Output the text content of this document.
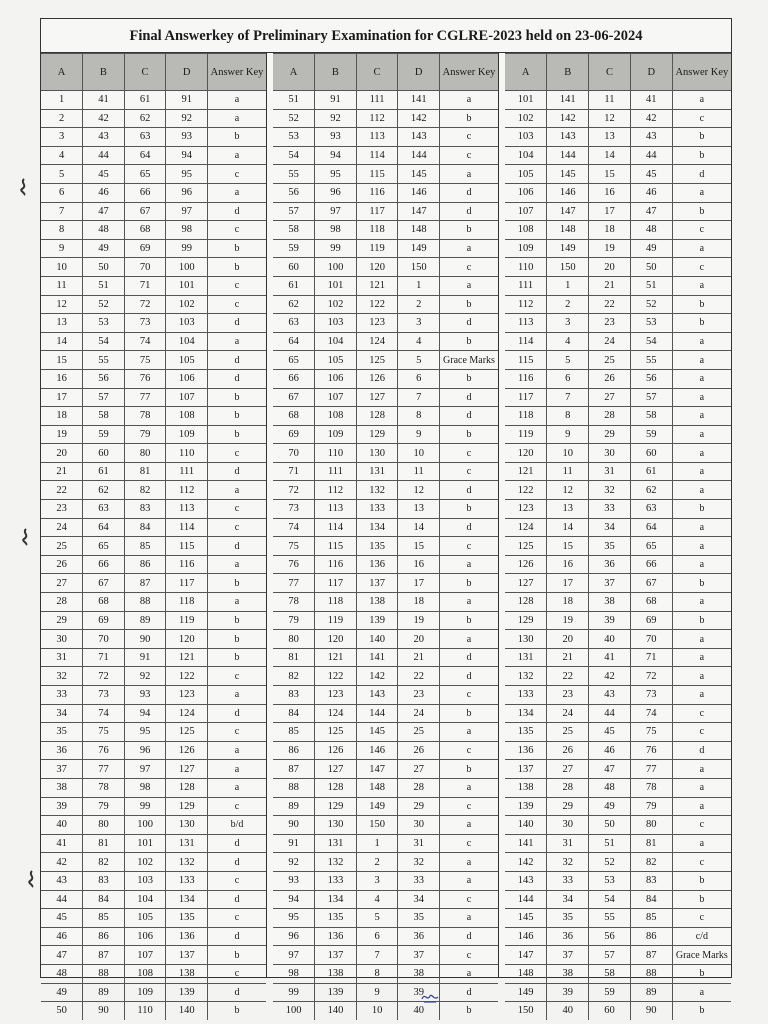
Final Answerkey of Preliminary Examination for CGLRE-2023 held on 23-06-2024
A	B	C	D	Answer Key
1	41	61	91	a
2	42	62	92	a
3	43	63	93	b
4	44	64	94	a
5	45	65	95	c
6	46	66	96	a
7	47	67	97	d
8	48	68	98	c
9	49	69	99	b
10	50	70	100	b
11	51	71	101	c
12	52	72	102	c
13	53	73	103	d
14	54	74	104	a
15	55	75	105	d
16	56	76	106	d
17	57	77	107	b
18	58	78	108	b
19	59	79	109	b
20	60	80	110	c
21	61	81	111	d
22	62	82	112	a
23	63	83	113	c
24	64	84	114	c
25	65	85	115	d
26	66	86	116	a
27	67	87	117	b
28	68	88	118	a
29	69	89	119	b
30	70	90	120	b
31	71	91	121	b
32	72	92	122	c
33	73	93	123	a
34	74	94	124	d
35	75	95	125	c
36	76	96	126	a
37	77	97	127	a
38	78	98	128	a
39	79	99	129	c
40	80	100	130	b/d
41	81	101	131	d
42	82	102	132	d
43	83	103	133	c
44	84	104	134	d
45	85	105	135	c
46	86	106	136	d
47	87	107	137	b
48	88	108	138	c
49	89	109	139	d
50	90	110	140	b
A	B	C	D	Answer Key
51	91	111	141	a
52	92	112	142	b
53	93	113	143	c
54	94	114	144	c
55	95	115	145	a
56	96	116	146	d
57	97	117	147	d
58	98	118	148	b
59	99	119	149	a
60	100	120	150	c
61	101	121	1	a
62	102	122	2	b
63	103	123	3	d
64	104	124	4	b
65	105	125	5	Grace Marks
66	106	126	6	b
67	107	127	7	d
68	108	128	8	d
69	109	129	9	b
70	110	130	10	c
71	111	131	11	c
72	112	132	12	d
73	113	133	13	b
74	114	134	14	d
75	115	135	15	c
76	116	136	16	a
77	117	137	17	b
78	118	138	18	a
79	119	139	19	b
80	120	140	20	a
81	121	141	21	d
82	122	142	22	d
83	123	143	23	c
84	124	144	24	b
85	125	145	25	a
86	126	146	26	c
87	127	147	27	b
88	128	148	28	a
89	129	149	29	c
90	130	150	30	a
91	131	1	31	c
92	132	2	32	a
93	133	3	33	a
94	134	4	34	c
95	135	5	35	a
96	136	6	36	d
97	137	7	37	c
98	138	8	38	a
99	139	9	39	d
100	140	10	40	b
A	B	C	D	Answer Key
101	141	11	41	a
102	142	12	42	c
103	143	13	43	b
104	144	14	44	b
105	145	15	45	d
106	146	16	46	a
107	147	17	47	b
108	148	18	48	c
109	149	19	49	a
110	150	20	50	c
111	1	21	51	a
112	2	22	52	b
113	3	23	53	b
114	4	24	54	a
115	5	25	55	a
116	6	26	56	a
117	7	27	57	a
118	8	28	58	a
119	9	29	59	a
120	10	30	60	a
121	11	31	61	a
122	12	32	62	a
123	13	33	63	b
124	14	34	64	a
125	15	35	65	a
126	16	36	66	a
127	17	37	67	b
128	18	38	68	a
129	19	39	69	b
130	20	40	70	a
131	21	41	71	a
132	22	42	72	a
133	23	43	73	a
134	24	44	74	c
135	25	45	75	c
136	26	46	76	d
137	27	47	77	a
138	28	48	78	a
139	29	49	79	a
140	30	50	80	c
141	31	51	81	a
142	32	52	82	c
143	33	53	83	b
144	34	54	84	b
145	35	55	85	c
146	36	56	86	c/d
147	37	57	87	Grace Marks
148	38	58	88	b
149	39	59	89	a
150	40	60	90	b
